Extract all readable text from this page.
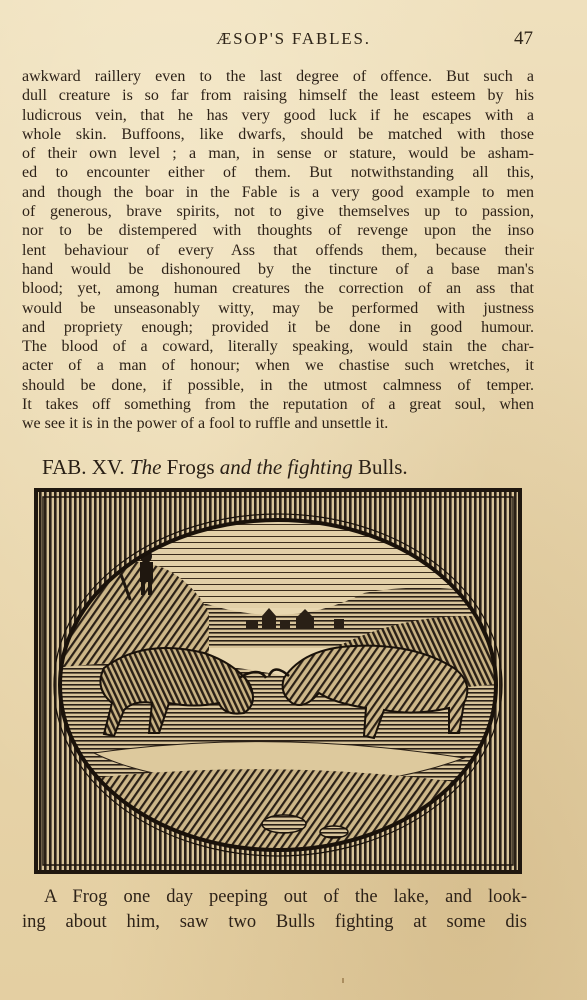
ÆSOP'S FABLES.	47
awkward raillery even to the last degree of offence. But such a
dull creature is so far from raising himself the least esteem by his
ludicrous vein, that he has very good luck if he escapes with a
whole skin. Buffoons, like dwarfs, should be matched with those
of their own level ; a man, in sense or stature, would be asham-
ed to encounter either of them. But notwithstanding all this,
and though the boar in the Fable is a very good example to men
of generous, brave spirits, not to give themselves up to passion,
nor to be distempered with thoughts of revenge upon the inso
lent behaviour of every Ass that offends them, because their
hand would be dishonoured by the tincture of a base man's
blood; yet, among human creatures the correction of an ass that
would be unseasonably witty, may be performed with justness
and propriety enough; provided it be done in good humour.
The blood of a coward, literally speaking, would stain the char-
acter of a man of honour; when we chastise such wretches, it
should be done, if possible, in the utmost calmness of temper.
It takes off something from the reputation of a great soul, when
we see it is in the power of a fool to ruffle and unsettle it.
FAB. XV. The Frogs and the fighting Bulls.
A Frog one day peeping out of the lake, and look-
ing about him, saw two Bulls fighting at some dis
